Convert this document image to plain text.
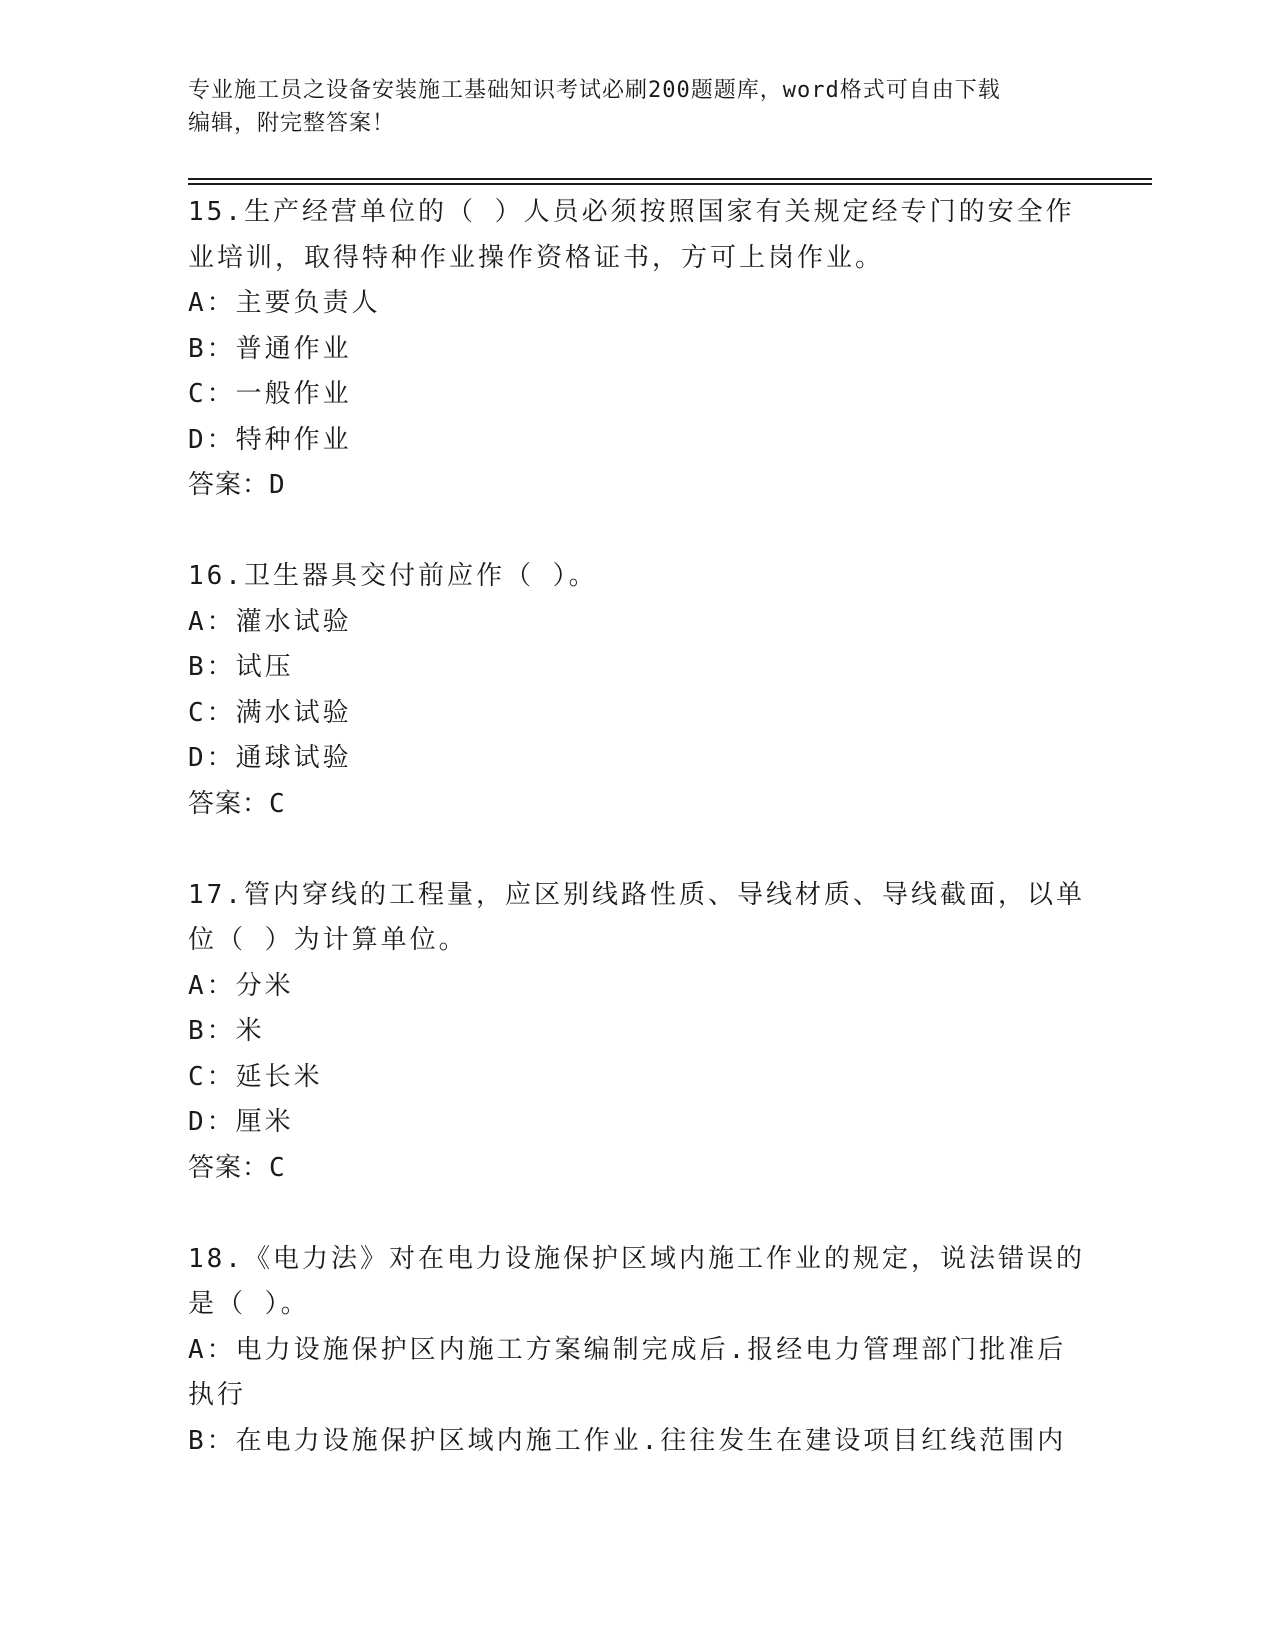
专业施工员之设备安装施工基础知识考试必刷200题题库，word格式可自由下载
编辑，附完整答案！
15.生产经营单位的（ ）人员必须按照国家有关规定经专门的安全作
业培训，取得特种作业操作资格证书，方可上岗作业。
A：主要负责人
B：普通作业
C：一般作业
D：特种作业
答案：D
16.卫生器具交付前应作（ ）。
A：灌水试验
B：试压
C：满水试验
D：通球试验
答案：C
17.管内穿线的工程量，应区别线路性质、导线材质、导线截面，以单
位（ ）为计算单位。
A：分米
B：米
C：延长米
D：厘米
答案：C
18.《电力法》对在电力设施保护区域内施工作业的规定，说法错误的
是（ ）。
A：电力设施保护区内施工方案编制完成后.报经电力管理部门批准后
执行
B：在电力设施保护区域内施工作业.往往发生在建设项目红线范围内
